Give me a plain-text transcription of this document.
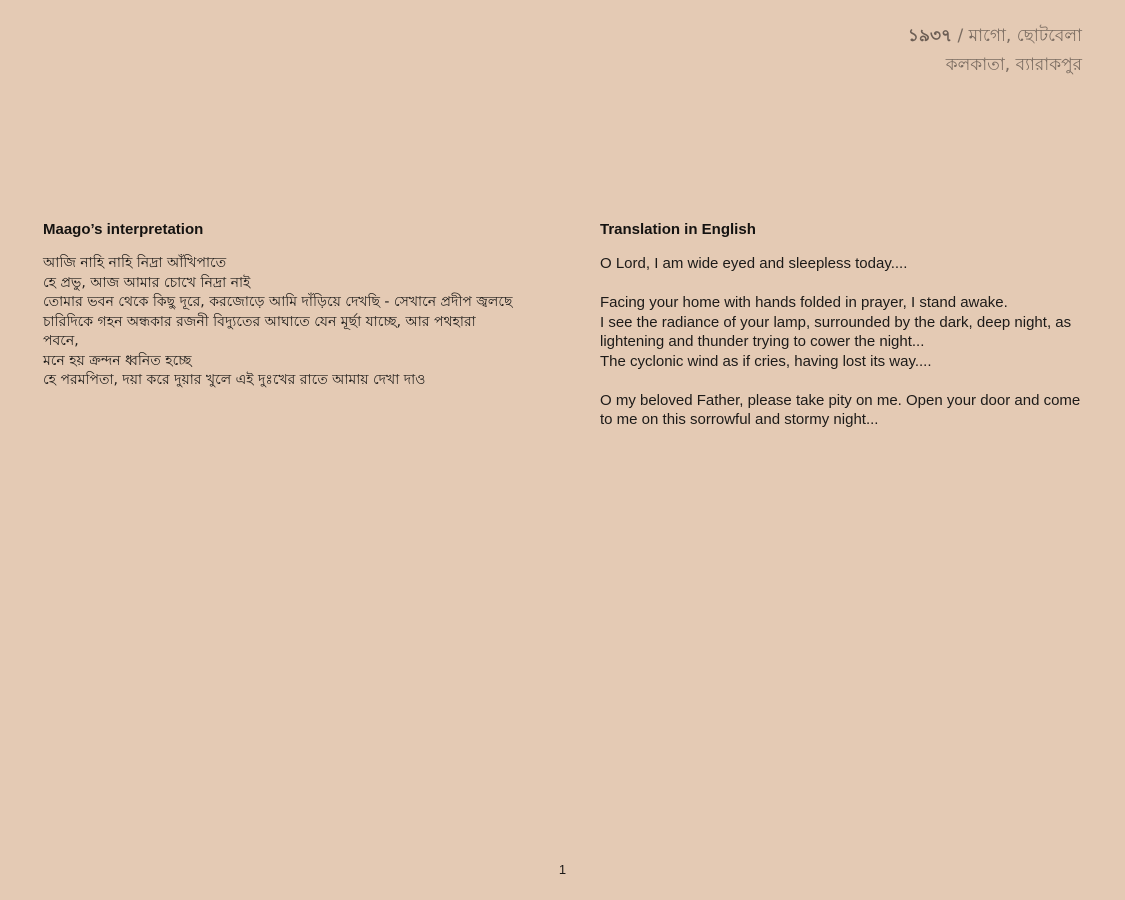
১৯৩৭ / মাগো, ছোটবেলা
কলকাতা, ব্যারাকপুর
Maago’s interpretation
আজি নাহি নাহি নিদ্রা আঁখিপাতে
হে প্রভু, আজ আমার চোখে নিদ্রা নাই
তোমার ভবন থেকে কিছু দূরে, করজোড়ে আমি দাঁড়িয়ে দেখছি - সেখানে প্রদীপ জ্বলছে
চারিদিকে গহন অন্ধকার রজনী বিদ্যুতের আঘাতে যেন মূর্ছা যাচ্ছে, আর পথহারা পবনে,
মনে হয় ক্রন্দন ধ্বনিত হচ্ছে
হে পরমপিতা, দয়া করে দুয়ার খুলে এই দুঃখের রাতে আমায় দেখা দাও
Translation in English
O Lord, I am wide eyed and sleepless today....
Facing your home with hands folded in prayer, I stand awake.
I see the radiance of your lamp, surrounded by the dark, deep night, as lightening and thunder trying to cower the night...
The cyclonic wind as if cries, having lost its way....
O my beloved Father, please take pity on me. Open your door and come to me on this sorrowful and stormy night...
1
